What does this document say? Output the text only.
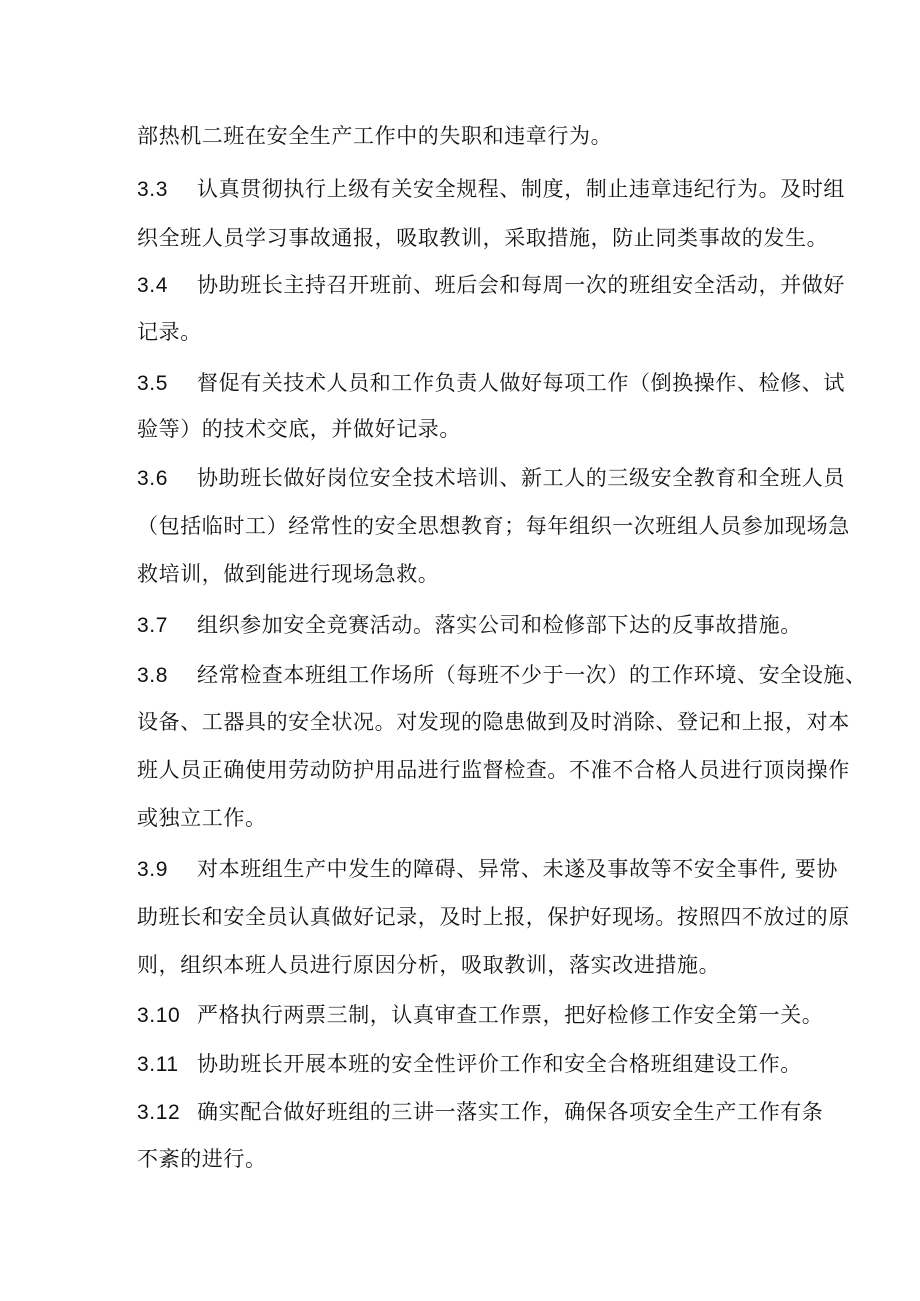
部热机二班在安全生产工作中的失职和违章行为。
3.3 认真贯彻执行上级有关安全规程、制度，制止违章违纪行为。及时组
织全班人员学习事故通报，吸取教训，采取措施，防止同类事故的发生。
3.4 协助班长主持召开班前、班后会和每周一次的班组安全活动，并做好
记录。
3.5 督促有关技术人员和工作负责人做好每项工作（倒换操作、检修、试
验等）的技术交底，并做好记录。
3.6 协助班长做好岗位安全技术培训、新工人的三级安全教育和全班人员
（包括临时工）经常性的安全思想教育；每年组织一次班组人员参加现场急
救培训，做到能进行现场急救。
3.7 组织参加安全竞赛活动。落实公司和检修部下达的反事故措施。
3.8 经常检查本班组工作场所（每班不少于一次）的工作环境、安全设施、
设备、工器具的安全状况。对发现的隐患做到及时消除、登记和上报，对本
班人员正确使用劳动防护用品进行监督检查。不准不合格人员进行顶岗操作
或独立工作。
3.9 对本班组生产中发生的障碍、异常、未遂及事故等不安全事件, 要协
助班长和安全员认真做好记录，及时上报，保护好现场。按照四不放过的原
则，组织本班人员进行原因分析，吸取教训，落实改进措施。
3.10 严格执行两票三制，认真审查工作票，把好检修工作安全第一关。
3.11 协助班长开展本班的安全性评价工作和安全合格班组建设工作。
3.12 确实配合做好班组的三讲一落实工作，确保各项安全生产工作有条
不紊的进行。
